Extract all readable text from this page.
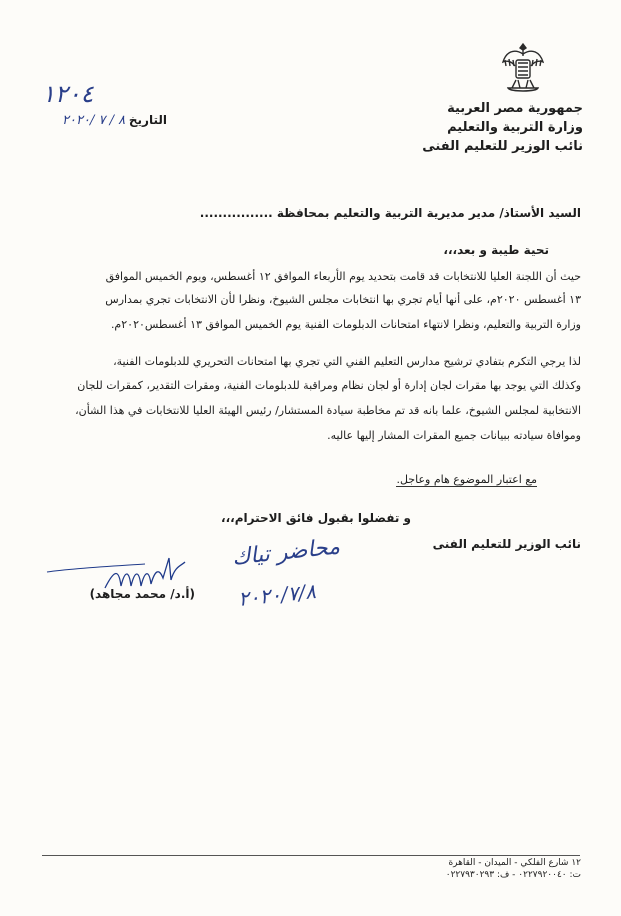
جمهورية مصر العربية
وزارة التربية والتعليم
نائب الوزير للتعليم الفنى
١٢٠٤
التاريخ ٨ / ٧ /٢٠٢٠
السيد الأستاذ/ مدير مديرية التربية والتعليم بمحافظة ................
تحية طيبة و بعد،،،
حيث أن اللجنة العليا للانتخابات قد قامت بتحديد يوم الأربعاء الموافق ١٢ أغسطس، ويوم الخميس الموافق
١٣ أغسطس ٢٠٢٠م، على أنها أيام تجري بها انتخابات مجلس الشيوخ، ونظرا لأن الانتخابات تجري بمدارس
وزارة التربية والتعليم، ونظرا لانتهاء امتحانات الدبلومات الفنية يوم الخميس الموافق ١٣ أغسطس٢٠٢٠م.
لذا يرجي التكرم بتفادي ترشيح مدارس التعليم الفني التي تجري بها امتحانات التحريري للدبلومات الفنية،
وكذلك التي يوجد بها مقرات لجان إدارة أو لجان نظام ومراقبة للدبلومات الفنية، ومقرات التقدير، كمقرات للجان
الانتخابية لمجلس الشيوخ، علما بانه قد تم مخاطبة سيادة المستشار/ رئيس الهيئة العليا للانتخابات في هذا الشأن،
وموافاة سيادته ببيانات جميع المقرات المشار إليها عاليه.
مع اعتبار الموضوع هام وعاجل.
و تفضلوا بقبول فائق الاحترام،،،
نائب الوزير للتعليم الفنى
(أ.د/ محمد مجاهد)
محاضر تياك
٢٠٢٠/٧/٨
١٢ شارع الفلكي - الميدان - القاهرة
ت: ٠٢٢٧٩٢٠٠٤٠ - ف: ٠٢٢٧٩٣٠٢٩٣
